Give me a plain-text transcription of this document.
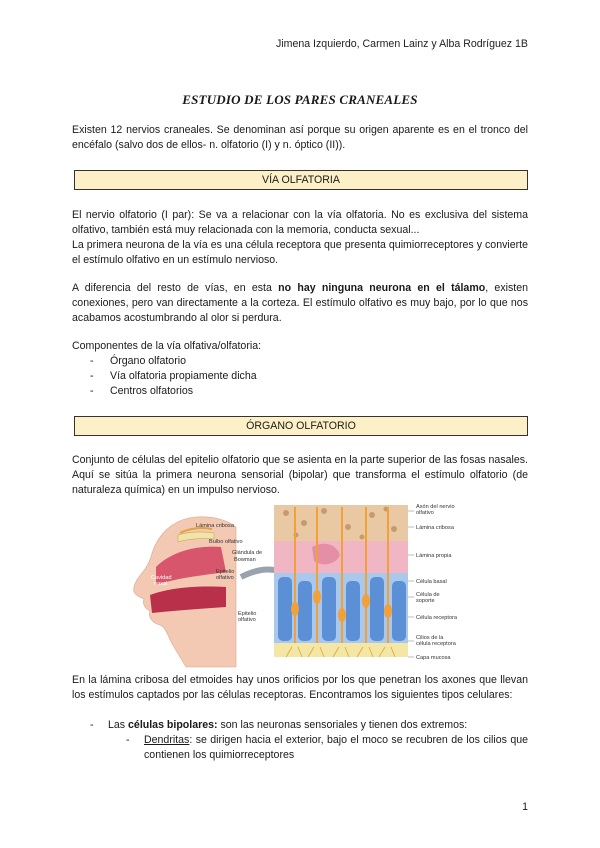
Jimena Izquierdo, Carmen Lainz y Alba Rodríguez 1B
ESTUDIO DE LOS PARES CRANEALES

Existen 12 nervios craneales. Se denominan así porque su origen aparente es en el tronco del encéfalo (salvo dos de ellos- n. olfatorio (I) y n. óptico (II)).

VÍA OLFATORIA

El nervio olfatorio (I par): Se va a relacionar con la vía olfatoria. No es exclusiva del sistema olfativo, también está muy relacionada con la memoria, conducta sexual...

La primera neurona de la vía es una célula receptora que presenta quimiorreceptores y convierte el estímulo olfativo en un estímulo nervioso.

A diferencia del resto de vías, en esta no hay ninguna neurona en el tálamo, existen conexiones, pero van directamente a la corteza. El estímulo olfativo es muy bajo, por lo que nos acabamos acostumbrando al olor si perdura.

Componentes de la vía olfativa/olfatoria:

- Órgano olfatorio
- Vía olfatoria propiamente dicha
- Centros olfatorios
ÓRGANO OLFATORIO

Conjunto de células del epitelio olfatorio que se asienta en la parte superior de las fosas nasales. Aquí se sitúa la primera neurona sensorial (bipolar) que transforma el estímulo olfatorio (de naturaleza química) en un impulso nervioso.

Lámina cribosa
Bulbo olfativo
Glándula de
Bowman
Epitelio
olfativo
Cavidad
nasal
Epitelio
olfativo
Axón del nervio
olfativo
Lámina cribosa
Lámina propia
Célula basal
Célula de
soporte
Célula receptora
Cilios de la
célula receptora
Capa mucosa

En la lámina cribosa del etmoides hay unos orificios por los que penetran los axones que llevan los estímulos captados por las células receptoras. Encontramos los siguientes tipos celulares:

- Las células bipolares: son las neuronas sensoriales y tienen dos extremos:
- Dendritas: se dirigen hacia el exterior, bajo el moco se recubren de los cilios que contienen los quimiorreceptores
1
